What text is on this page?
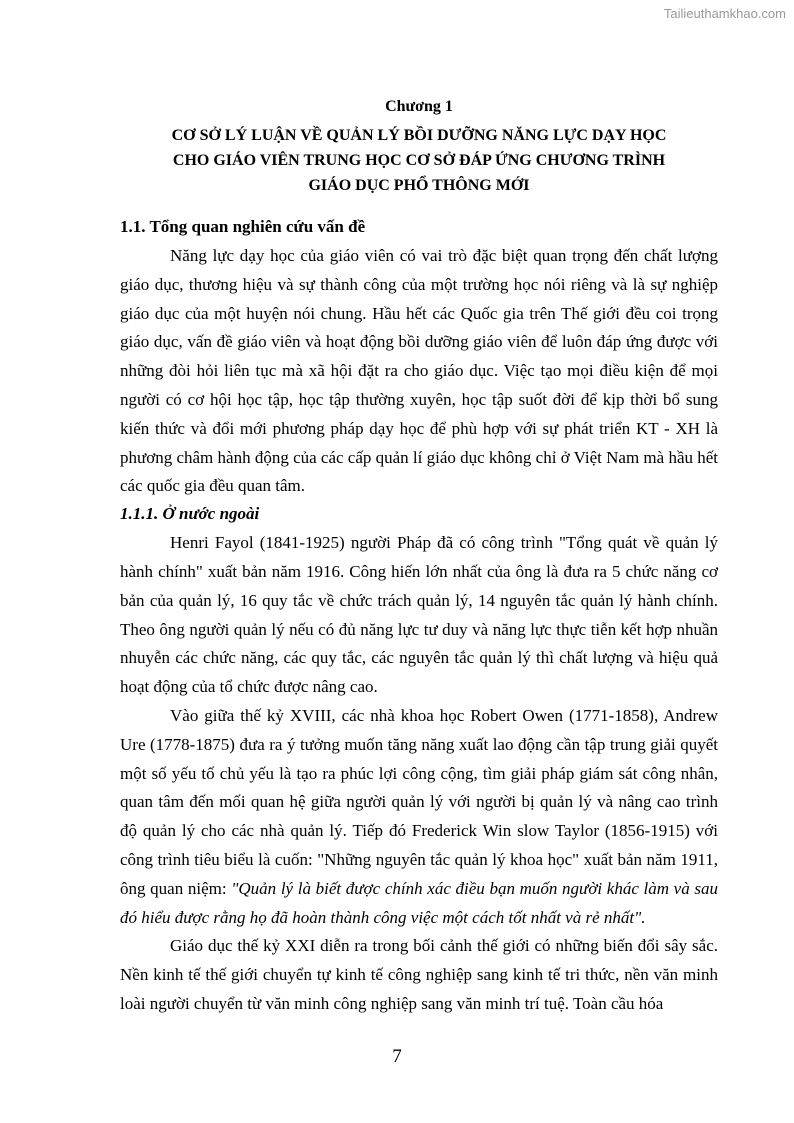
Tailieuthamkhao.com
Chương 1
CƠ SỞ LÝ LUẬN VỀ QUẢN LÝ BỒI DƯỠNG NĂNG LỰC DẠY HỌC
CHO GIÁO VIÊN TRUNG HỌC CƠ SỞ ĐÁP ỨNG CHƯƠNG TRÌNH
GIÁO DỤC PHỔ THÔNG MỚI
1.1. Tổng quan nghiên cứu vấn đề

Năng lực dạy học của giáo viên có vai trò đặc biệt quan trọng đến chất lượng giáo dục, thương hiệu và sự thành công của một trường học nói riêng và là sự nghiệp giáo dục của một huyện nói chung. Hầu hết các Quốc gia trên Thế giới đều coi trọng giáo dục, vấn đề giáo viên và hoạt động bồi dưỡng giáo viên để luôn đáp ứng được với những đòi hỏi liên tục mà xã hội đặt ra cho giáo dục. Việc tạo mọi điều kiện để mọi người có cơ hội học tập, học tập thường xuyên, học tập suốt đời để kịp thời bổ sung kiến thức và đổi mới phương pháp dạy học để phù hợp với sự phát triển KT - XH là phương châm hành động của các cấp quản lí giáo dục không chỉ ở Việt Nam mà hầu hết các quốc gia đều quan tâm.

1.1.1. Ở nước ngoài

Henri Fayol (1841-1925) người Pháp đã có công trình "Tổng quát về quản lý hành chính" xuất bản năm 1916. Công hiến lớn nhất của ông là đưa ra 5 chức năng cơ bản của quản lý, 16 quy tắc về chức trách quản lý, 14 nguyên tắc quản lý hành chính. Theo ông người quản lý nếu có đủ năng lực tư duy và năng lực thực tiễn kết hợp nhuần nhuyễn các chức năng, các quy tắc, các nguyên tắc quản lý thì chất lượng và hiệu quả hoạt động của tổ chức được nâng cao.

Vào giữa thế kỷ XVIII, các nhà khoa học Robert Owen (1771-1858), Andrew Ure (1778-1875) đưa ra ý tưởng muốn tăng năng xuất lao động cần tập trung giải quyết một số yếu tố chủ yếu là tạo ra phúc lợi công cộng, tìm giải pháp giám sát công nhân, quan tâm đến mối quan hệ giữa người quản lý với người bị quản lý và nâng cao trình độ quản lý cho các nhà quản lý. Tiếp đó Frederick Win slow Taylor (1856-1915) với công trình tiêu biểu là cuốn: "Những nguyên tắc quản lý khoa học" xuất bản năm 1911, ông quan niệm: "Quản lý là biết được chính xác điều bạn muốn người khác làm và sau đó hiểu được rằng họ đã hoàn thành công việc một cách tốt nhất và rẻ nhất".

Giáo dục thế kỷ XXI diễn ra trong bối cảnh thế giới có những biến đổi sây sắc. Nền kinh tế thế giới chuyển tự kinh tế công nghiệp sang kinh tế tri thức, nền văn minh loài người chuyển từ văn minh công nghiệp sang văn minh trí tuệ. Toàn cầu hóa

7
